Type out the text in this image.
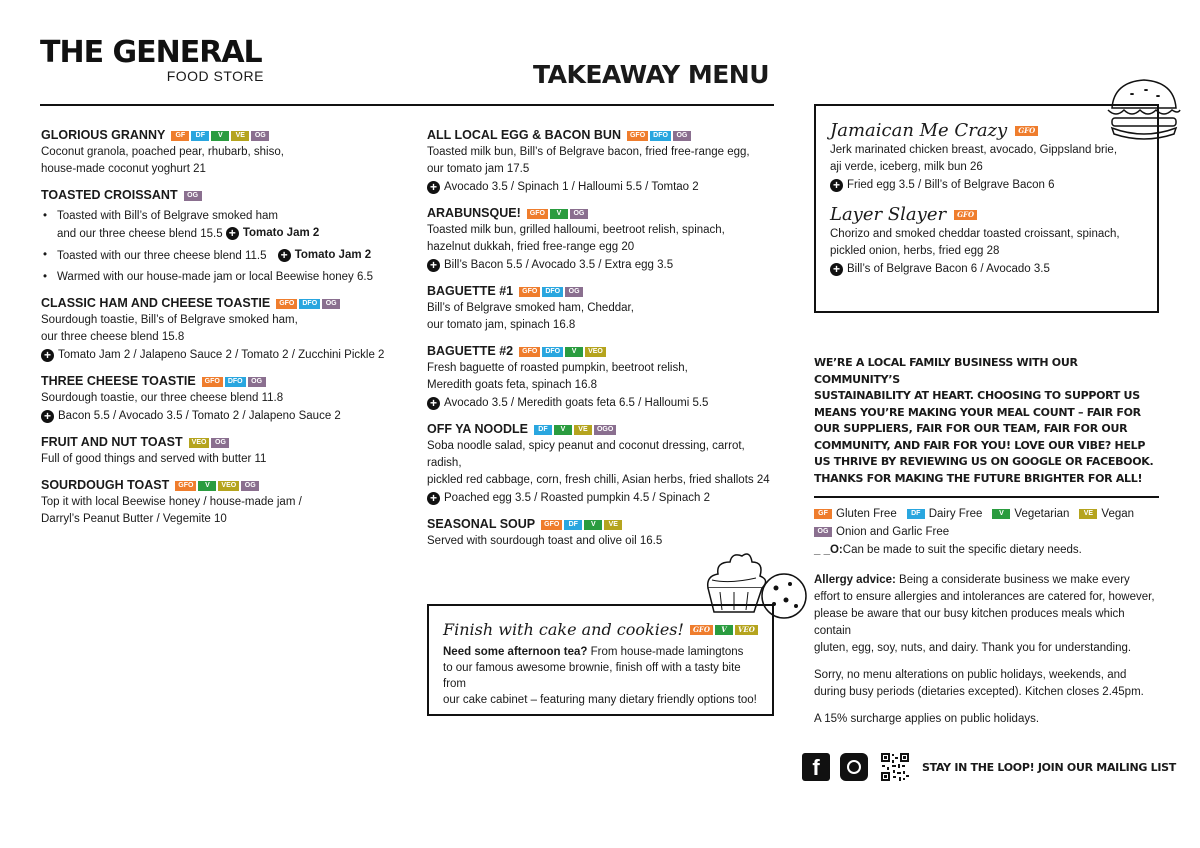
THE GENERAL
FOOD STORE	TAKEAWAY MENU
GLORIOUS GRANNY	GF	DF	V	VE	OG
Coconut granola, poached pear, rhubarb, shiso,
house-made coconut yoghurt 21
TOASTED CROISSANT	OG
• Toasted with Bill’s of Belgrave smoked ham
and our three cheese blend 15.5 + Tomato Jam 2
• Toasted with our three cheese blend 11.5 + Tomato Jam 2
• Warmed with our house-made jam or local Beewise honey 6.5
CLASSIC HAM AND CHEESE TOASTIE	GFO	DFO	OG
Sourdough toastie, Bill’s of Belgrave smoked ham,
our three cheese blend 15.8
+ Tomato Jam 2 / Jalapeno Sauce 2 / Tomato 2 / Zucchini Pickle 2
THREE CHEESE TOASTIE	GFO	DFO	OG
Sourdough toastie, our three cheese blend 11.8
+ Bacon 5.5 / Avocado 3.5 / Tomato 2 / Jalapeno Sauce 2
FRUIT AND NUT TOAST	VEO	OG
Full of good things and served with butter 11
SOURDOUGH TOAST	GFO	V	VEO	OG
Top it with local Beewise honey / house-made jam /
Darryl’s Peanut Butter / Vegemite 10
ALL LOCAL EGG & BACON BUN	GFO	DFO	OG
Toasted milk bun, Bill’s of Belgrave bacon, fried free-range egg,
our tomato jam 17.5
+ Avocado 3.5 / Spinach 1 / Halloumi 5.5 / Tomtao 2
ARABUNSQUE!	GFO	V	OG
Toasted milk bun, grilled halloumi, beetroot relish, spinach,
hazelnut dukkah, fried free-range egg 20
+ Bill’s Bacon 5.5 / Avocado 3.5 / Extra egg 3.5
BAGUETTE #1	GFO	DFO	OG
Bill’s of Belgrave smoked ham, Cheddar,
our tomato jam, spinach 16.8
BAGUETTE #2	GFO	DFO	V	VEO
Fresh baguette of roasted pumpkin, beetroot relish,
Meredith goats feta, spinach 16.8
+ Avocado 3.5 / Meredith goats feta 6.5 / Halloumi 5.5
OFF YA NOODLE	DF	V	VE	OGO
Soba noodle salad, spicy peanut and coconut dressing, carrot, radish,
pickled red cabbage, corn, fresh chilli, Asian herbs, fried shallots 24
+ Poached egg 3.5 / Roasted pumpkin 4.5 / Spinach 2
SEASONAL SOUP	GFO	DF	V	VE
Served with sourdough toast and olive oil 16.5
Finish with cake and cookies!	GFO	V	VEO
Need some afternoon tea? From house-made lamingtons
to our famous awesome brownie, finish off with a tasty bite from
our cake cabinet – featuring many dietary friendly options too!
Jamaican Me Crazy	GFO
Jerk marinated chicken breast, avocado, Gippsland brie,
aji verde, iceberg, milk bun 26
+ Fried egg 3.5 / Bill’s of Belgrave Bacon 6
Layer Slayer	GFO
Chorizo and smoked cheddar toasted croissant, spinach,
pickled onion, herbs, fried egg 28
+ Bill’s of Belgrave Bacon 6 / Avocado 3.5
WE’RE A LOCAL FAMILY BUSINESS WITH OUR COMMUNITY’S
SUSTAINABILITY AT HEART. CHOOSING TO SUPPORT US
MEANS YOU’RE MAKING YOUR MEAL COUNT – FAIR FOR
OUR SUPPLIERS, FAIR FOR OUR TEAM, FAIR FOR OUR
COMMUNITY, AND FAIR FOR YOU! LOVE OUR VIBE? HELP
US THRIVE BY REVIEWING US ON GOOGLE OR FACEBOOK.
THANKS FOR MAKING THE FUTURE BRIGHTER FOR ALL!
GF Gluten Free	DF Dairy Free	V Vegetarian	VE Vegan
OG Onion and Garlic Free
_ _O: Can be made to suit the specific dietary needs.

Allergy advice: Being a considerate business we make every
effort to ensure allergies and intolerances are catered for, however,
please be aware that our busy kitchen produces meals which contain
gluten, egg, soy, nuts, and dairy. Thank you for understanding.

Sorry, no menu alterations on public holidays, weekends, and
during busy periods (dietaries excepted). Kitchen closes 2.45pm.

A 15% surcharge applies on public holidays.

f	STAY IN THE LOOP! JOIN OUR MAILING LIST
